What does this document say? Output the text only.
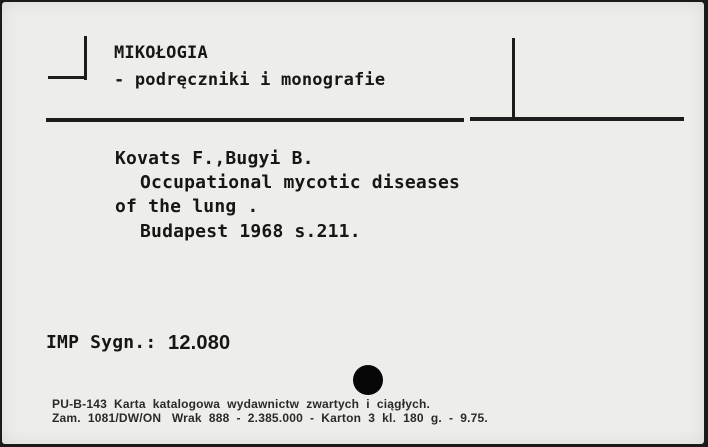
MIKOŁOGIA
- podręczniki i monografie
Kovats F.,Bugyi B.
Occupational mycotic diseases
of the lung .
Budapest 1968 s.211.
IMP Sygn.: 12.080
PU-B-143  Karta  katalogowa  wydawnictw  zwartych  i  ciągłych.
Zam.  1081/DW/ON   Wrak  888  -  2.385.000  -  Karton  3  kl.  180  g.  -  9.75.
